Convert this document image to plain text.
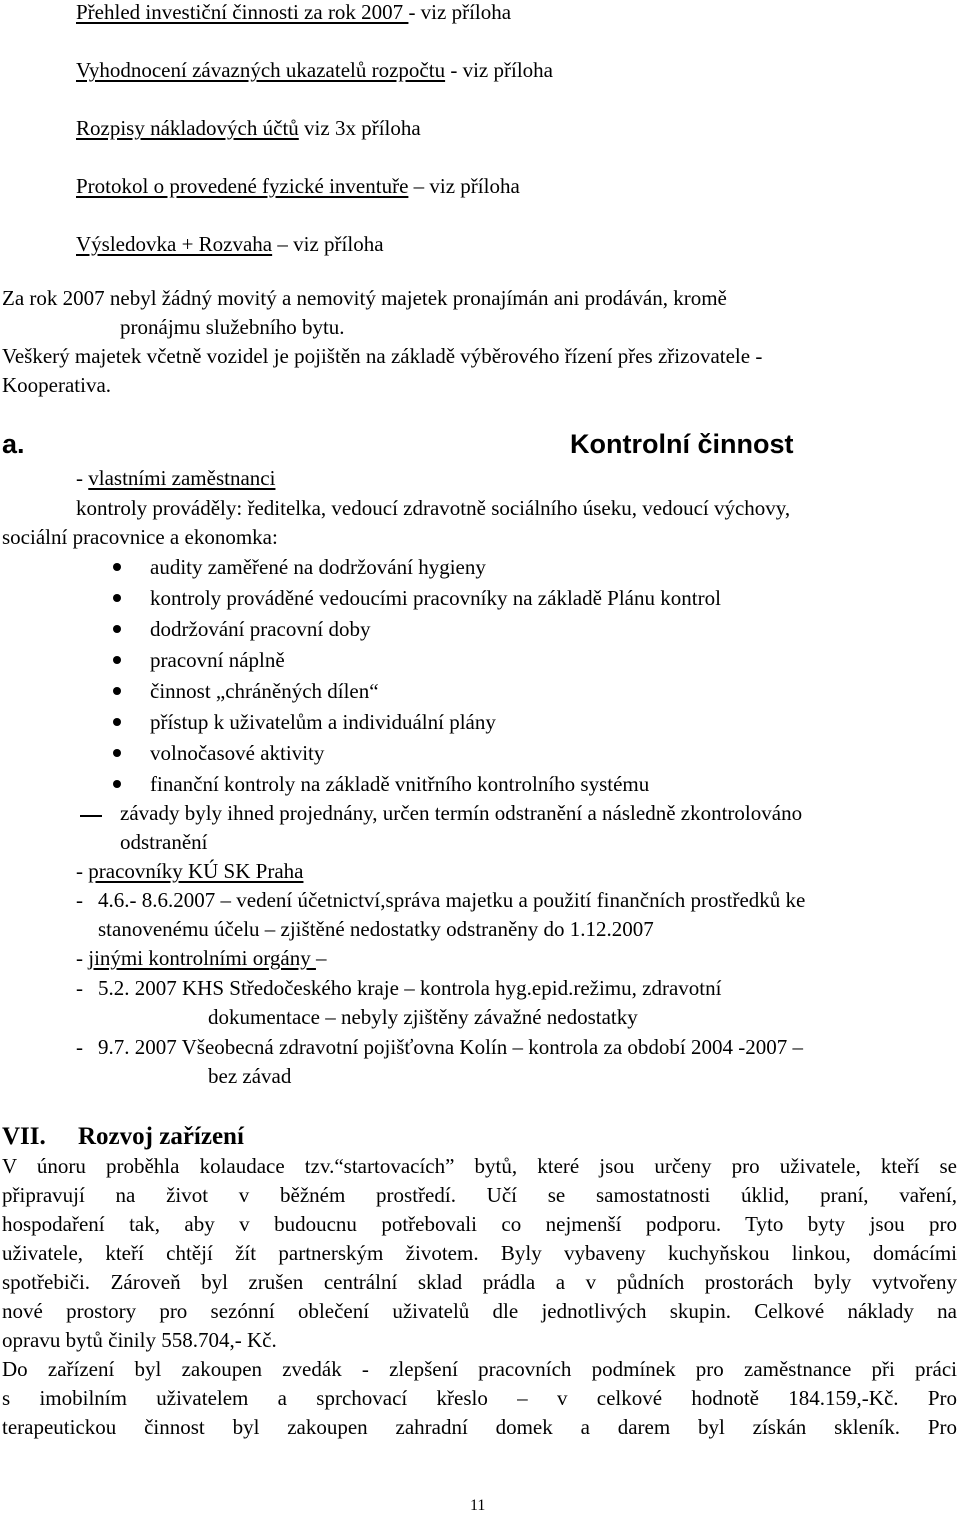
Přehled investiční činnosti za rok 2007 - viz příloha
Vyhodnocení závazných ukazatelů rozpočtu - viz příloha
Rozpisy nákladových účtů viz 3x příloha
Protokol o provedené fyzické inventuře – viz příloha
Výsledovka + Rozvaha – viz příloha
Za rok 2007 nebyl žádný movitý a nemovitý majetek pronajímán ani prodáván, kromě
pronájmu služebního bytu.
Veškerý majetek včetně vozidel je pojištěn na základě výběrového řízení přes zřizovatele -
Kooperativa.
a.	Kontrolní činnost
- vlastními zaměstnanci
kontroly prováděly: ředitelka, vedoucí zdravotně sociálního úseku, vedoucí výchovy,
sociální pracovnice a ekonomka:
audity zaměřené na dodržování hygieny
kontroly prováděné vedoucími pracovníky na základě Plánu kontrol
dodržování pracovní doby
pracovní náplně
činnost „chráněných dílen“
přístup k uživatelům a individuální plány
volnočasové aktivity
finanční kontroly na základě vnitřního kontrolního systému
závady byly ihned projednány, určen termín odstranění a následně zkontrolováno
odstranění
- pracovníky KÚ SK Praha
- 4.6.- 8.6.2007 – vedení účetnictví,správa majetku a použití finančních prostředků ke
stanovenému účelu – zjištěné nedostatky odstraněny do 1.12.2007
- jinými kontrolními orgány –
- 5.2. 2007 KHS Středočeského kraje – kontrola hyg.epid.režimu, zdravotní
dokumentace – nebyly zjištěny závažné nedostatky
- 9.7. 2007 Všeobecná zdravotní pojišťovna Kolín – kontrola za období 2004 -2007 –
bez závad
VII. Rozvoj zařízení
V únoru proběhla kolaudace tzv.“startovacích” bytů, které jsou určeny pro uživatele, kteří se
připravují na život v běžném prostředí. Učí se samostatnosti úklid, praní, vaření,
hospodaření tak, aby v budoucnu potřebovali co nejmenší podporu. Tyto byty jsou pro
uživatele, kteří chtějí žít partnerským životem. Byly vybaveny kuchyňskou linkou, domácími
spotřebiči. Zároveň byl zrušen centrální sklad prádla a v půdních prostorách byly vytvořeny
nové prostory pro sezónní oblečení uživatelů dle jednotlivých skupin. Celkové náklady na
opravu bytů činily 558.704,- Kč.
Do zařízení byl zakoupen zvedák - zlepšení pracovních podmínek pro zaměstnance při práci
s imobilním uživatelem a sprchovací křeslo – v celkové hodnotě 184.159,-Kč. Pro
terapeutickou činnost byl zakoupen zahradní domek a darem byl získán skleník. Pro
11
